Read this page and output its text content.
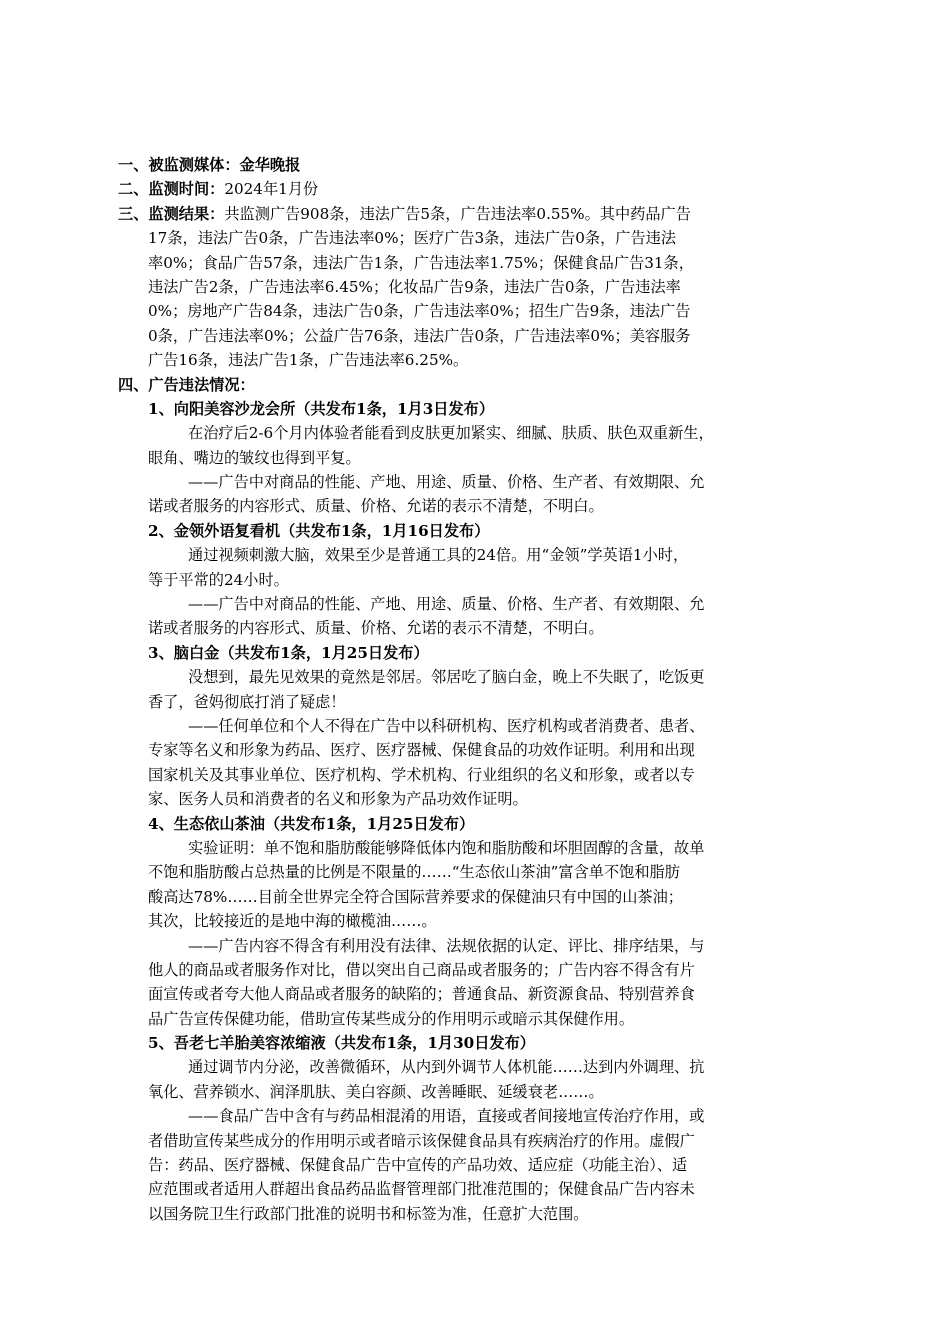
一、被监测媒体：金华晚报
二、监测时间：2024年1月份
三、监测结果：共监测广告908条，违法广告5条，广告违法率0.55%。其中药品广告
17条，违法广告0条，广告违法率0%；医疗广告3条，违法广告0条，广告违法
率0%；食品广告57条，违法广告1条，广告违法率1.75%；保健食品广告31条，
违法广告2条，广告违法率6.45%；化妆品广告9条，违法广告0条，广告违法率
0%；房地产广告84条，违法广告0条，广告违法率0%；招生广告9条，违法广告
0条，广告违法率0%；公益广告76条，违法广告0条，广告违法率0%；美容服务
广告16条，违法广告1条，广告违法率6.25%。
四、广告违法情况：
1、向阳美容沙龙会所（共发布1条，1月3日发布）
在治疗后2-6个月内体验者能看到皮肤更加紧实、细腻、肤质、肤色双重新生，
眼角、嘴边的皱纹也得到平复。
——广告中对商品的性能、产地、用途、质量、价格、生产者、有效期限、允
诺或者服务的内容形式、质量、价格、允诺的表示不清楚，不明白。
2、金领外语复看机（共发布1条，1月16日发布）
通过视频刺激大脑，效果至少是普通工具的24倍。用“金领”学英语1小时，
等于平常的24小时。
——广告中对商品的性能、产地、用途、质量、价格、生产者、有效期限、允
诺或者服务的内容形式、质量、价格、允诺的表示不清楚，不明白。
3、脑白金（共发布1条，1月25日发布）
没想到，最先见效果的竟然是邻居。邻居吃了脑白金，晚上不失眠了，吃饭更
香了，爸妈彻底打消了疑虑！
——任何单位和个人不得在广告中以科研机构、医疗机构或者消费者、患者、
专家等名义和形象为药品、医疗、医疗器械、保健食品的功效作证明。利用和出现
国家机关及其事业单位、医疗机构、学术机构、行业组织的名义和形象，或者以专
家、医务人员和消费者的名义和形象为产品功效作证明。
4、生态依山茶油（共发布1条，1月25日发布）
实验证明：单不饱和脂肪酸能够降低体内饱和脂肪酸和坏胆固醇的含量，故单
不饱和脂肪酸占总热量的比例是不限量的……“生态依山茶油”富含单不饱和脂肪
酸高达78%……目前全世界完全符合国际营养要求的保健油只有中国的山茶油；
其次，比较接近的是地中海的橄榄油……。
——广告内容不得含有利用没有法律、法规依据的认定、评比、排序结果，与
他人的商品或者服务作对比，借以突出自己商品或者服务的；广告内容不得含有片
面宣传或者夸大他人商品或者服务的缺陷的；普通食品、新资源食品、特别营养食
品广告宣传保健功能，借助宣传某些成分的作用明示或暗示其保健作用。
5、吾老七羊胎美容浓缩液（共发布1条，1月30日发布）
通过调节内分泌，改善微循环，从内到外调节人体机能……达到内外调理、抗
氧化、营养锁水、润泽肌肤、美白容颜、改善睡眠、延缓衰老……。
——食品广告中含有与药品相混淆的用语，直接或者间接地宣传治疗作用，或
者借助宣传某些成分的作用明示或者暗示该保健食品具有疾病治疗的作用。虚假广
告：药品、医疗器械、保健食品广告中宣传的产品功效、适应症（功能主治）、适
应范围或者适用人群超出食品药品监督管理部门批准范围的；保健食品广告内容未
以国务院卫生行政部门批准的说明书和标签为准，任意扩大范围。
